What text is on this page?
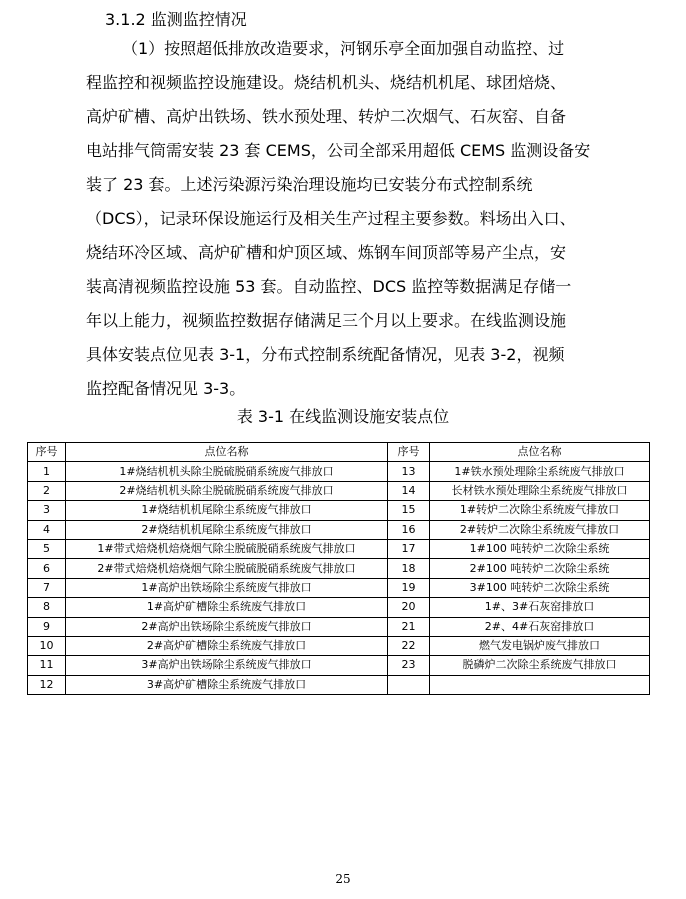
3.1.2 监测监控情况
（1）按照超低排放改造要求，河钢乐亭全面加强自动监控、过
程监控和视频监控设施建设。烧结机机头、烧结机机尾、球团焙烧、
高炉矿槽、高炉出铁场、铁水预处理、转炉二次烟气、石灰窑、自备
电站排气筒需安装 23 套 CEMS，公司全部采用超低 CEMS 监测设备安
装了 23 套。上述污染源污染治理设施均已安装分布式控制系统
（DCS），记录环保设施运行及相关生产过程主要参数。料场出入口、
烧结环冷区域、高炉矿槽和炉顶区域、炼钢车间顶部等易产尘点，安
装高清视频监控设施 53 套。自动监控、DCS 监控等数据满足存储一
年以上能力，视频监控数据存储满足三个月以上要求。在线监测设施
具体安装点位见表 3-1，分布式控制系统配备情况，见表 3-2，视频
监控配备情况见 3-3。
表 3-1 在线监测设施安装点位
序号	点位名称	序号	点位名称
1	1#烧结机机头除尘脱硫脱硝系统废气排放口	13	1#铁水预处理除尘系统废气排放口
2	2#烧结机机头除尘脱硫脱硝系统废气排放口	14	长材铁水预处理除尘系统废气排放口
3	1#烧结机机尾除尘系统废气排放口	15	1#转炉二次除尘系统废气排放口
4	2#烧结机机尾除尘系统废气排放口	16	2#转炉二次除尘系统废气排放口
5	1#带式焙烧机焙烧烟气除尘脱硫脱硝系统废气排放口	17	1#100 吨转炉二次除尘系统
6	2#带式焙烧机焙烧烟气除尘脱硫脱硝系统废气排放口	18	2#100 吨转炉二次除尘系统
7	1#高炉出铁场除尘系统废气排放口	19	3#100 吨转炉二次除尘系统
8	1#高炉矿槽除尘系统废气排放口	20	1#、3#石灰窑排放口
9	2#高炉出铁场除尘系统废气排放口	21	2#、4#石灰窑排放口
10	2#高炉矿槽除尘系统废气排放口	22	燃气发电锅炉废气排放口
11	3#高炉出铁场除尘系统废气排放口	23	脱磷炉二次除尘系统废气排放口
12	3#高炉矿槽除尘系统废气排放口		
25
